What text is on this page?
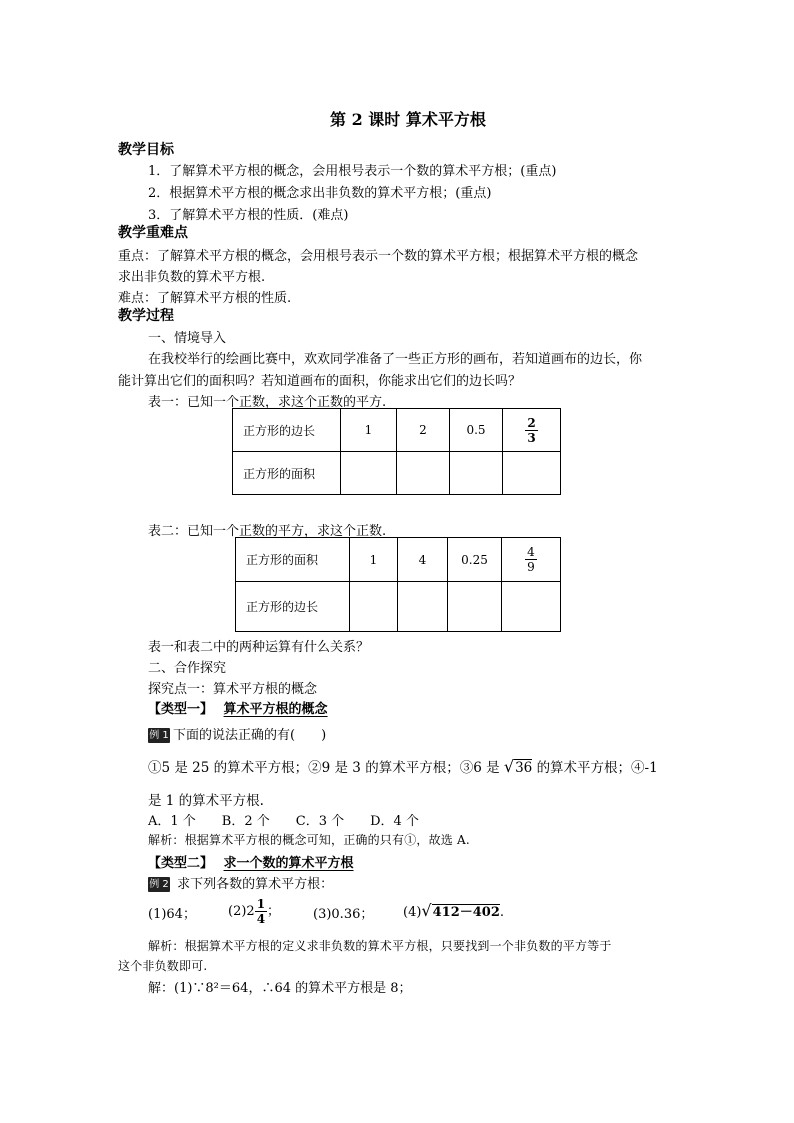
第 2 课时 算术平方根
教学目标
1．了解算术平方根的概念，会用根号表示一个数的算术平方根；(重点)
2．根据算术平方根的概念求出非负数的算术平方根；(重点)
3．了解算术平方根的性质．(难点)
教学重难点
重点：了解算术平方根的概念，会用根号表示一个数的算术平方根；根据算术平方根的概念
求出非负数的算术平方根.
难点：了解算术平方根的性质.
教学过程
一、情境导入
在我校举行的绘画比赛中，欢欢同学准备了一些正方形的画布，若知道画布的边长，你
能计算出它们的面积吗？若知道画布的面积，你能求出它们的边长吗？
表一：已知一个正数，求这个正数的平方.
正方形的边长	1	2	0.5	$\frac{2}{3}$

正方形的面积				
表二：已知一个正数的平方，求这个正数.
正方形的面积	1	4	0.25	$\frac{4}{9}$

正方形的边长				
表一和表二中的两种运算有什么关系？
二、合作探究
探究点一：算术平方根的概念
【类型一】 算术平方根的概念
例 1 下面的说法正确的有(　　)
①5 是 25 的算术平方根；②9 是 3 的算术平方根；③6 是 √36 的算术平方根；④-1
是 1 的算术平方根.
A．1 个　　B．2 个　　C．3 个　　D．4 个
解析：根据算术平方根的概念可知，正确的只有①，故选 A.
【类型二】 求一个数的算术平方根
例 2 求下列各数的算术平方根：
(1)64； $(2)2 \frac{1}{4}$ ；	(3)0.36； (4)√412－402.
解析：根据算术平方根的定义求非负数的算术平方根，只要找到一个非负数的平方等于
这个非负数即可.
解：(1)∵8²＝64，∴64 的算术平方根是 8；
